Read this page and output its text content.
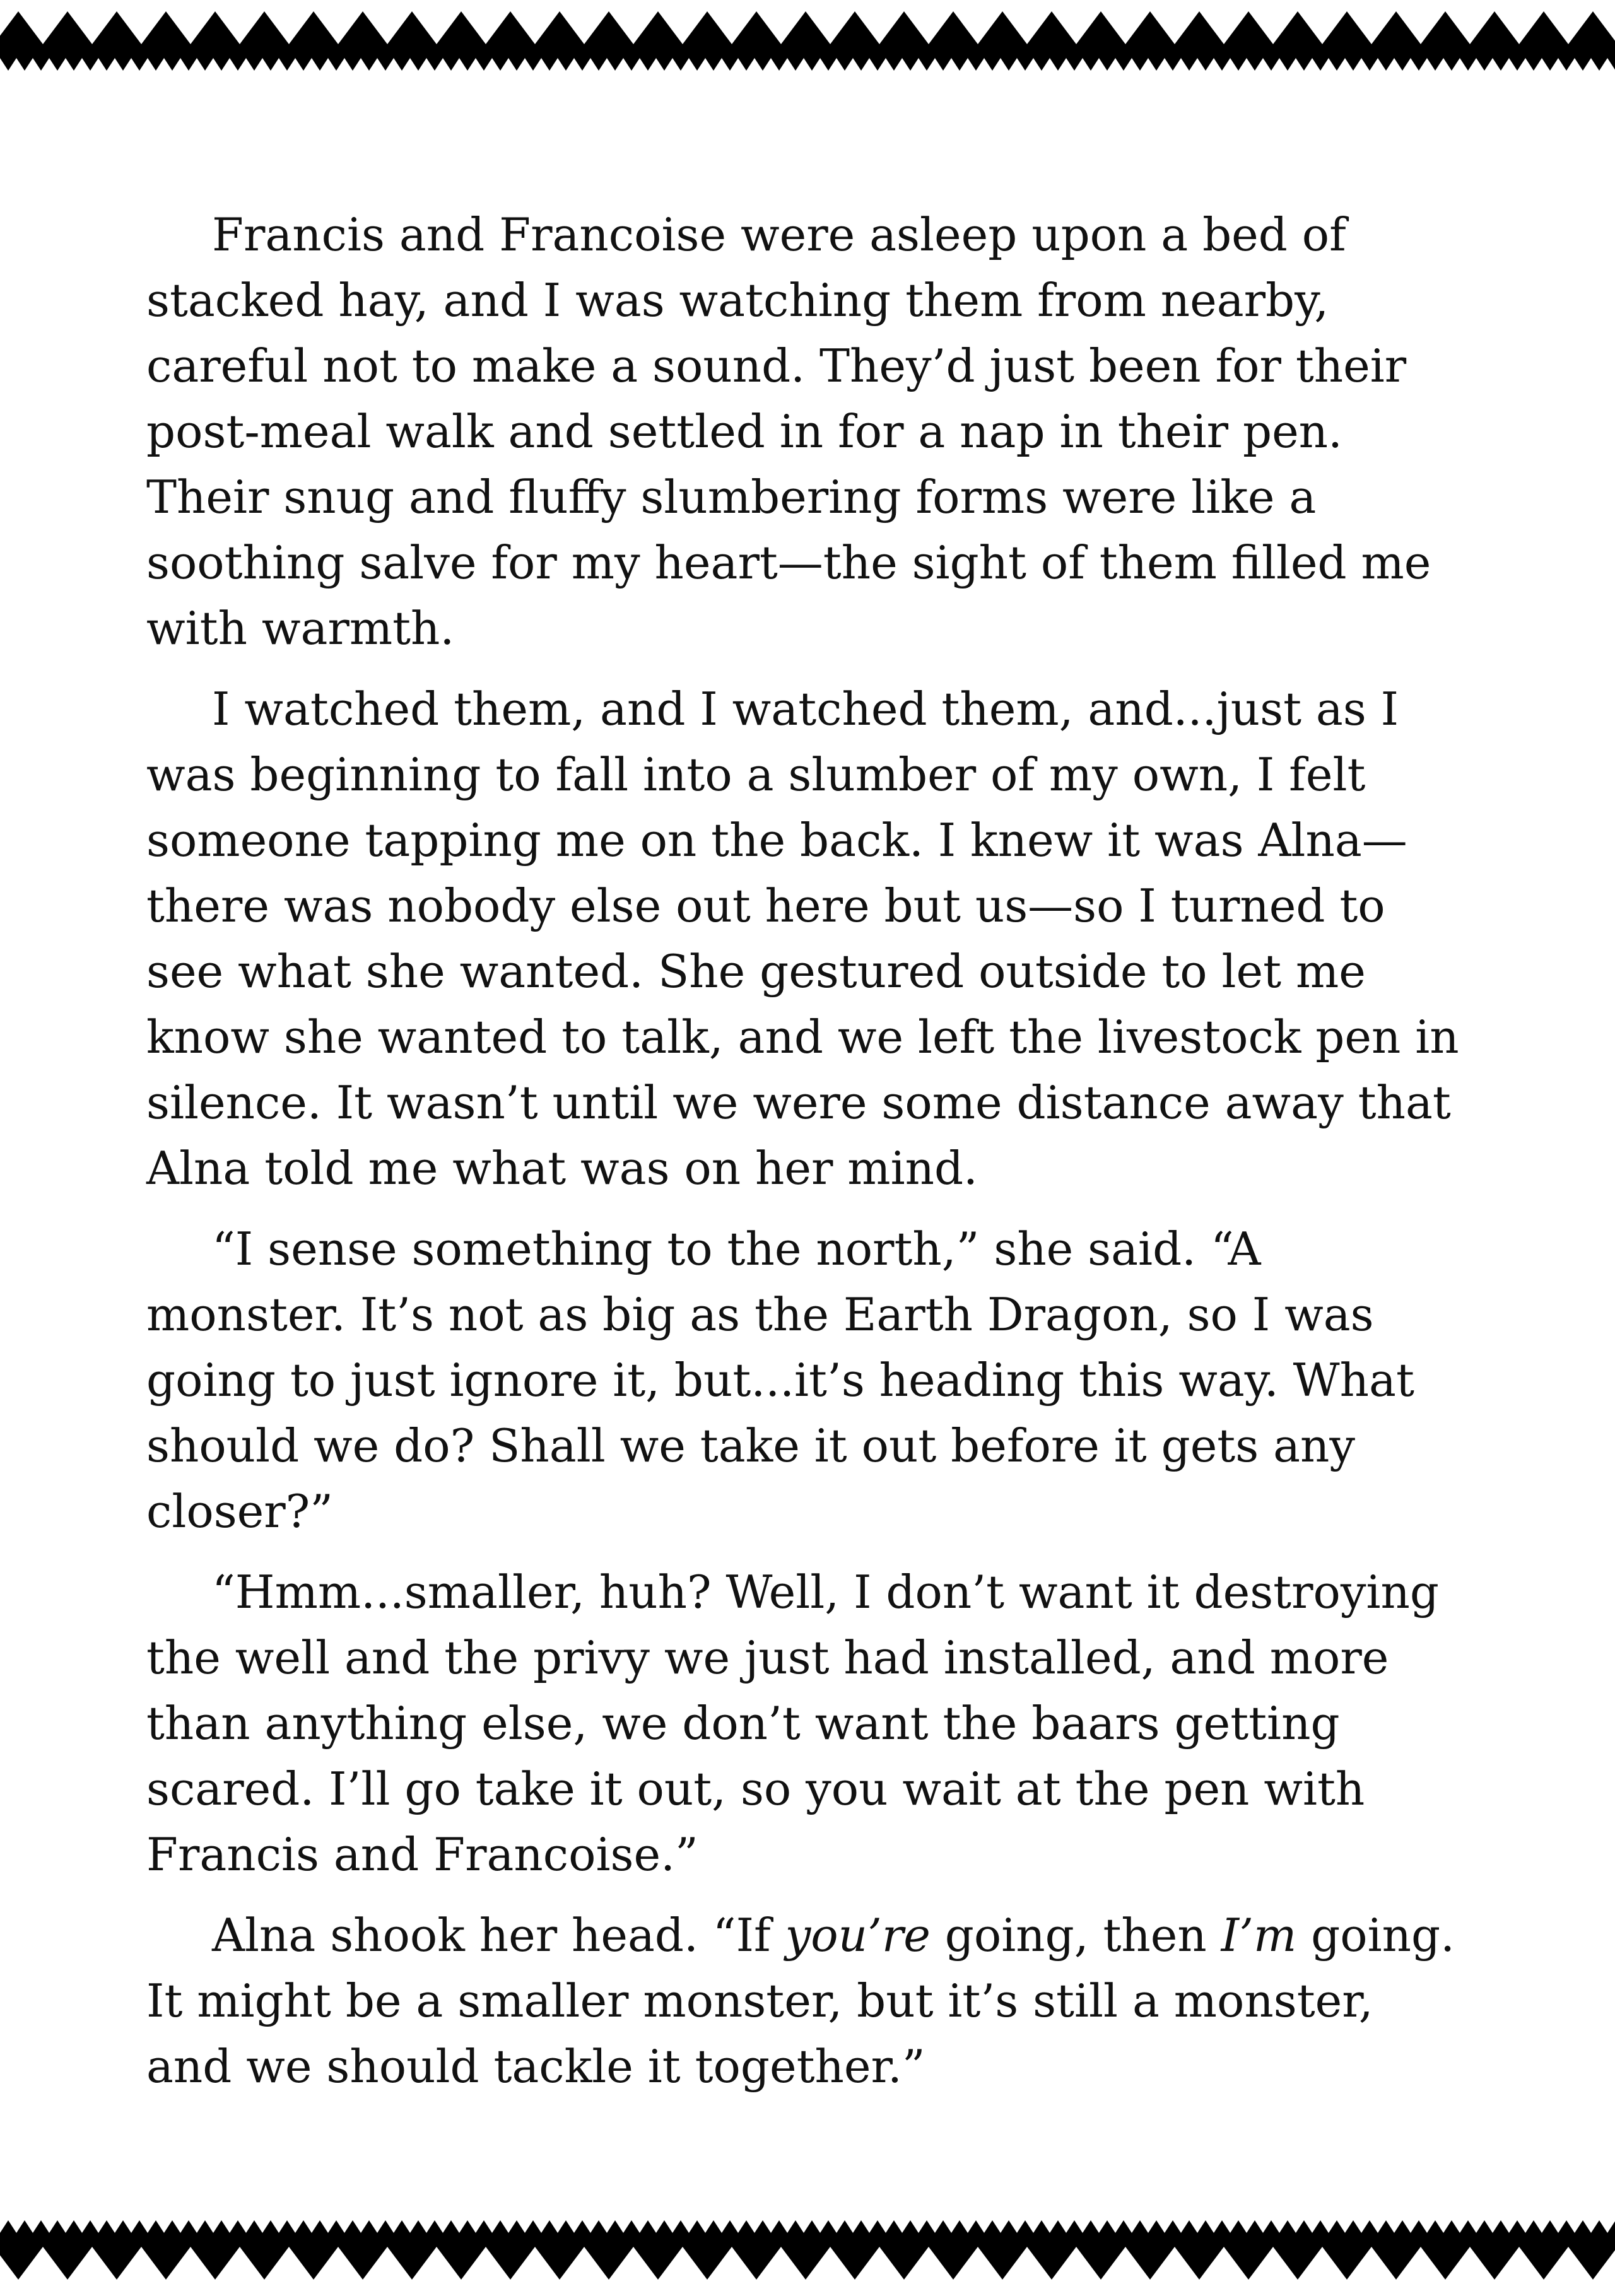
Francis and Francoise were asleep upon a bed of stacked hay, and I was watching them from nearby, careful not to make a sound. They’d just been for their post-meal walk and settled in for a nap in their pen. Their snug and fluffy slumbering forms were like a soothing salve for my heart—the sight of them filled me with warmth.

I watched them, and I watched them, and...just as I was beginning to fall into a slumber of my own, I felt someone tapping me on the back. I knew it was Alna—there was nobody else out here but us—so I turned to see what she wanted. She gestured outside to let me know she wanted to talk, and we left the livestock pen in silence. It wasn’t until we were some distance away that Alna told me what was on her mind.

“I sense something to the north,” she said. “A monster. It’s not as big as the Earth Dragon, so I was going to just ignore it, but...it’s heading this way. What should we do? Shall we take it out before it gets any closer?”

“Hmm...smaller, huh? Well, I don’t want it destroying the well and the privy we just had installed, and more than anything else, we don’t want the baars getting scared. I’ll go take it out, so you wait at the pen with Francis and Francoise.”

Alna shook her head. “If you’re going, then I’m going. It might be a smaller monster, but it’s still a monster, and we should tackle it together.”
